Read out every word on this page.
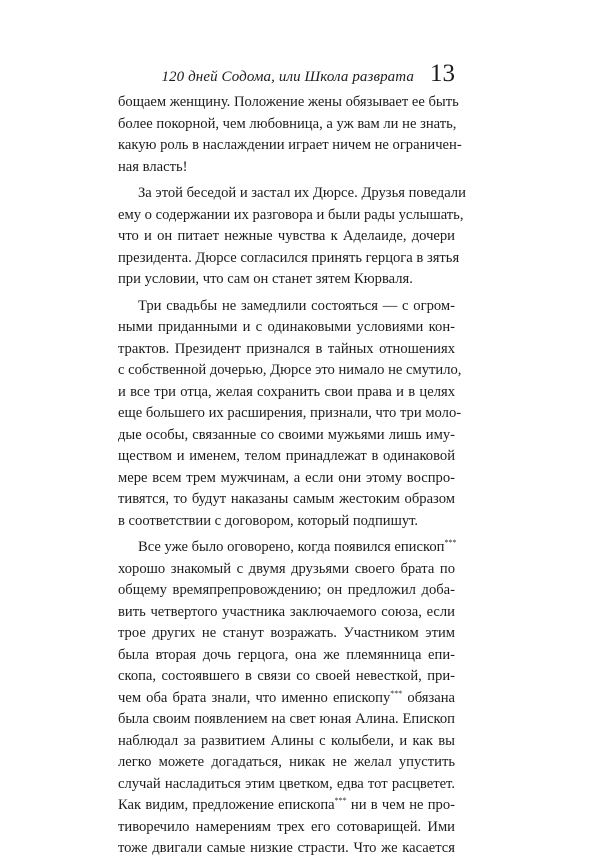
120 дней Содома, или Школа разврата 13

бощаем женщину. Положение жены обязывает ее быть
более покорной, чем любовница, а уж вам ли не знать,
какую роль в наслаждении играет ничем не ограничен-
ная власть!

За этой беседой и застал их Дюрсе. Друзья поведали
ему о содержании их разговора и были рады услышать,
что и он питает нежные чувства к Аделаиде, дочери
президента. Дюрсе согласился принять герцога в зятья
при условии, что сам он станет зятем Кюрваля.

Три свадьбы не замедлили состояться — с огром-
ными приданными и с одинаковыми условиями кон-
трактов. Президент признался в тайных отношениях
с собственной дочерью, Дюрсе это нимало не смутило,
и все три отца, желая сохранить свои права и в целях
еще большего их расширения, признали, что три моло-
дые особы, связанные со своими мужьями лишь иму-
ществом и именем, телом принадлежат в одинаковой
мере всем трем мужчинам, а если они этому воспро-
тивятся, то будут наказаны самым жестоким образом
в соответствии с договором, который подпишут.

Все уже было оговорено, когда появился епископ***
хорошо знакомый с двумя друзьями своего брата по
общему времяпрепровождению; он предложил доба-
вить четвертого участника заключаемого союза, если
трое других не станут возражать. Участником этим
была вторая дочь герцога, она же племянница епи-
скопа, состоявшего в связи со своей невесткой, при-
чем оба брата знали, что именно епископу*** обязана
была своим появлением на свет юная Алина. Епископ
наблюдал за развитием Алины с колыбели, и как вы
легко можете догадаться, никак не желал упустить
случай насладиться этим цветком, едва тот расцветет.
Как видим, предложение епископа*** ни в чем не про-
тиворечило намерениям трех его сотоварищей. Ими
тоже двигали самые низкие страсти. Что же касается
